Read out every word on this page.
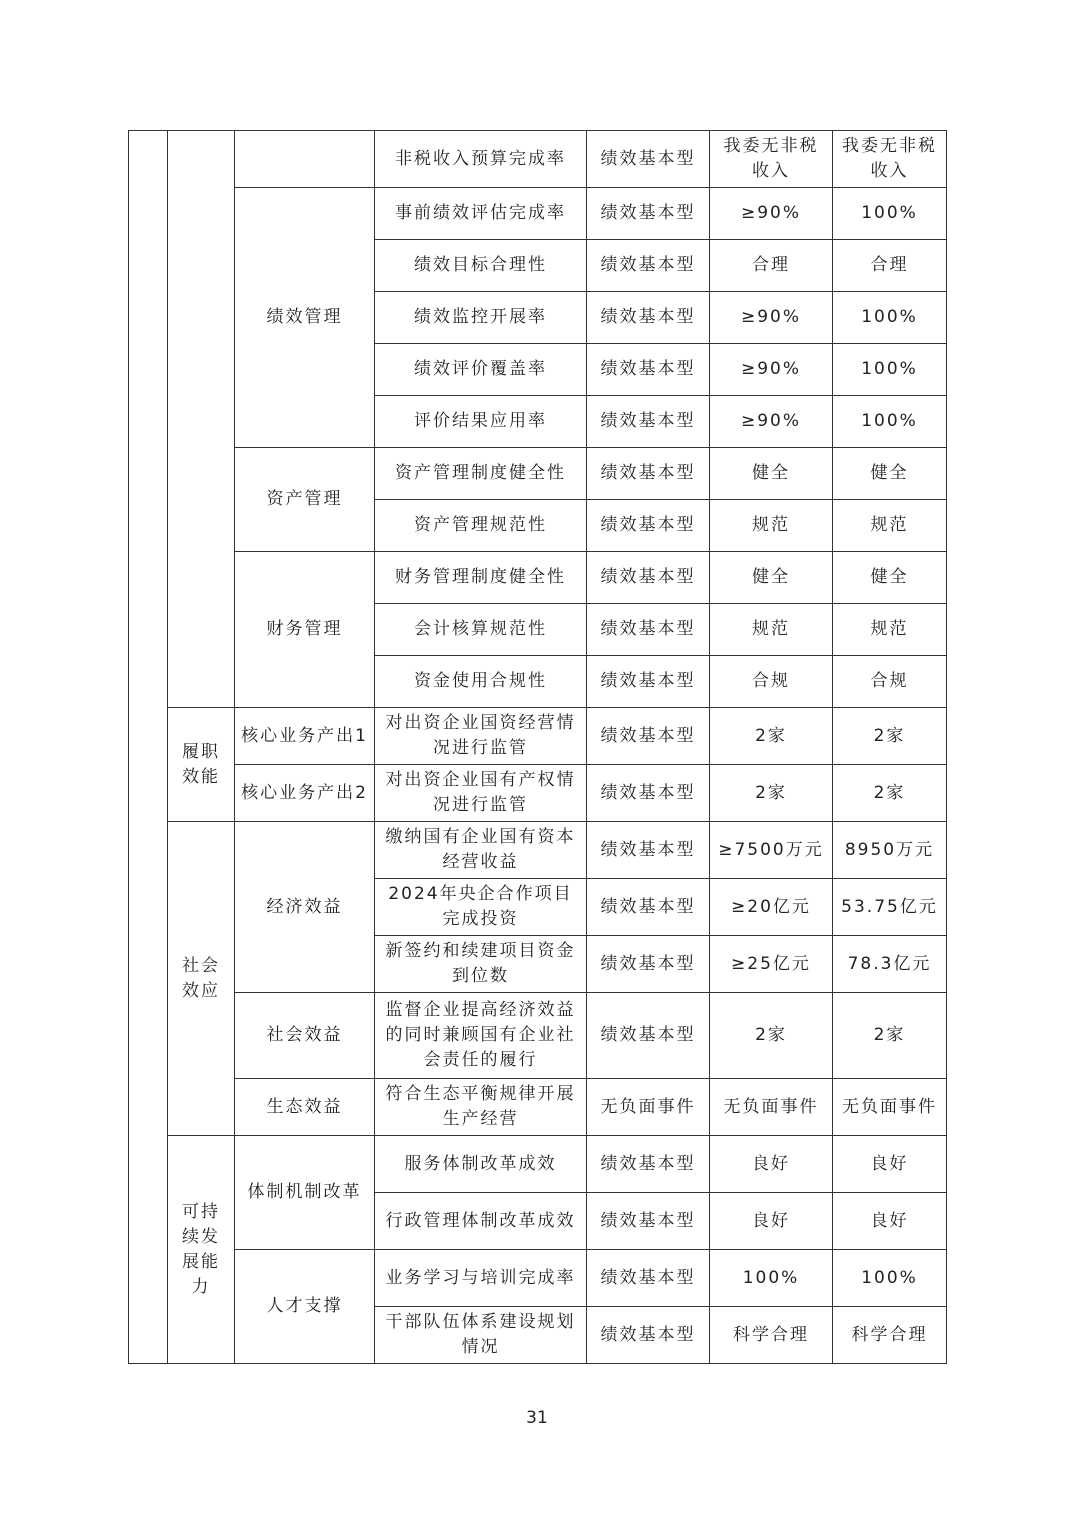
			非税收入预算完成率	绩效基本型	我委无非税收入	我委无非税收入
		绩效管理	事前绩效评估完成率	绩效基本型	≥90%	100%
			绩效目标合理性	绩效基本型	合理	合理
			绩效监控开展率	绩效基本型	≥90%	100%
			绩效评价覆盖率	绩效基本型	≥90%	100%
			评价结果应用率	绩效基本型	≥90%	100%
		资产管理	资产管理制度健全性	绩效基本型	健全	健全
			资产管理规范性	绩效基本型	规范	规范
		财务管理	财务管理制度健全性	绩效基本型	健全	健全
			会计核算规范性	绩效基本型	规范	规范
			资金使用合规性	绩效基本型	合规	合规
	履职效能	核心业务产出1	对出资企业国资经营情况进行监管	绩效基本型	2家	2家
		核心业务产出2	对出资企业国有产权情况进行监管	绩效基本型	2家	2家
	社会效应	经济效益	缴纳国有企业国有资本经营收益	绩效基本型	≥7500万元	8950万元
			2024年央企合作项目完成投资	绩效基本型	≥20亿元	53.75亿元
			新签约和续建项目资金到位数	绩效基本型	≥25亿元	78.3亿元
		社会效益	监督企业提高经济效益的同时兼顾国有企业社会责任的履行	绩效基本型	2家	2家
		生态效益	符合生态平衡规律开展生产经营	无负面事件	无负面事件	无负面事件
	可持续发展能力	体制机制改革	服务体制改革成效	绩效基本型	良好	良好
			行政管理体制改革成效	绩效基本型	良好	良好
		人才支撑	业务学习与培训完成率	绩效基本型	100%	100%
			干部队伍体系建设规划情况	绩效基本型	科学合理	科学合理
31
